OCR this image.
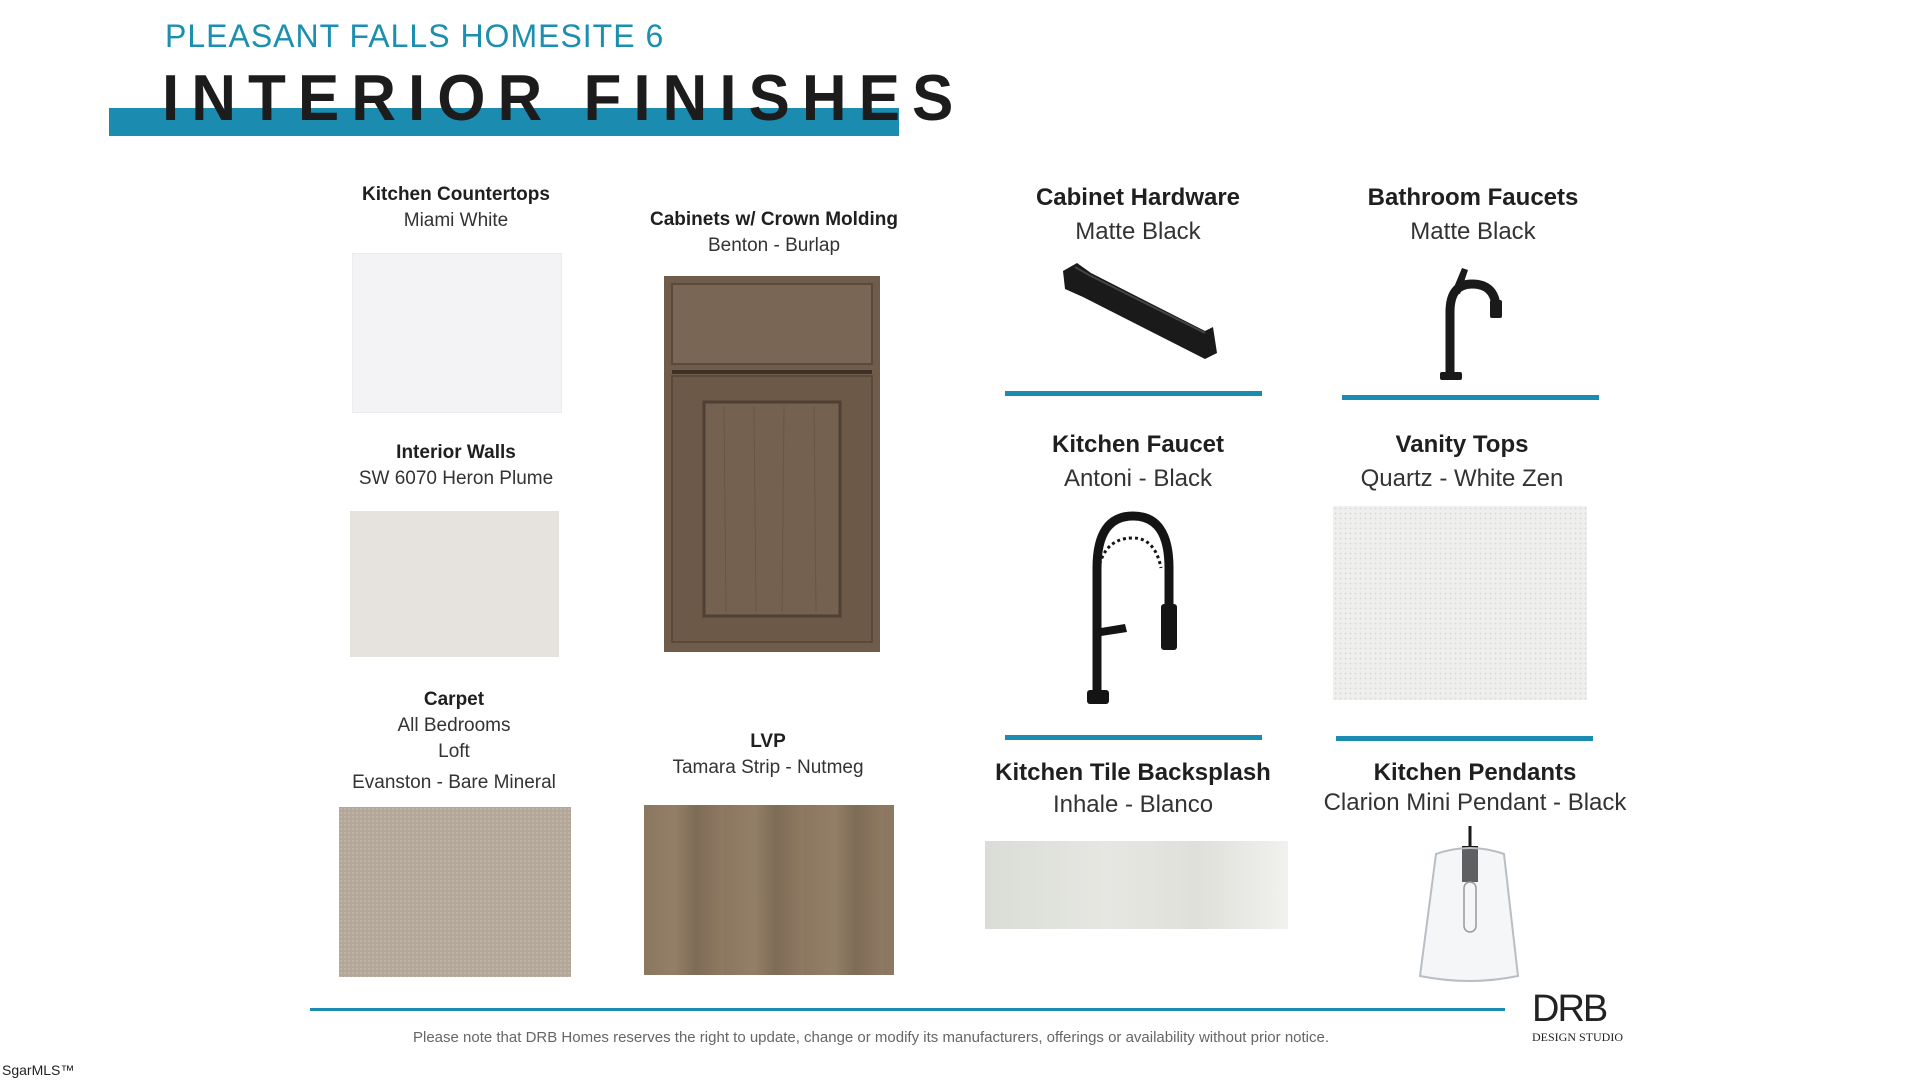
PLEASANT FALLS HOMESITE 6
INTERIOR FINISHES
Kitchen Countertops
Miami White
Interior Walls
SW 6070 Heron Plume
Carpet
All Bedrooms
Loft
Evanston - Bare Mineral
Cabinets w/ Crown Molding
Benton - Burlap
LVP
Tamara Strip - Nutmeg
Cabinet Hardware
Matte Black
Kitchen Faucet
Antoni - Black
Kitchen Tile Backsplash
Inhale - Blanco
Bathroom Faucets
Matte Black
Vanity Tops
Quartz - White Zen
Kitchen Pendants
Clarion Mini Pendant - Black
Please note that DRB Homes reserves the right to update, change or modify its manufacturers, offerings or availability without prior notice.
DRB
DESIGN STUDIO
SgarMLS™
